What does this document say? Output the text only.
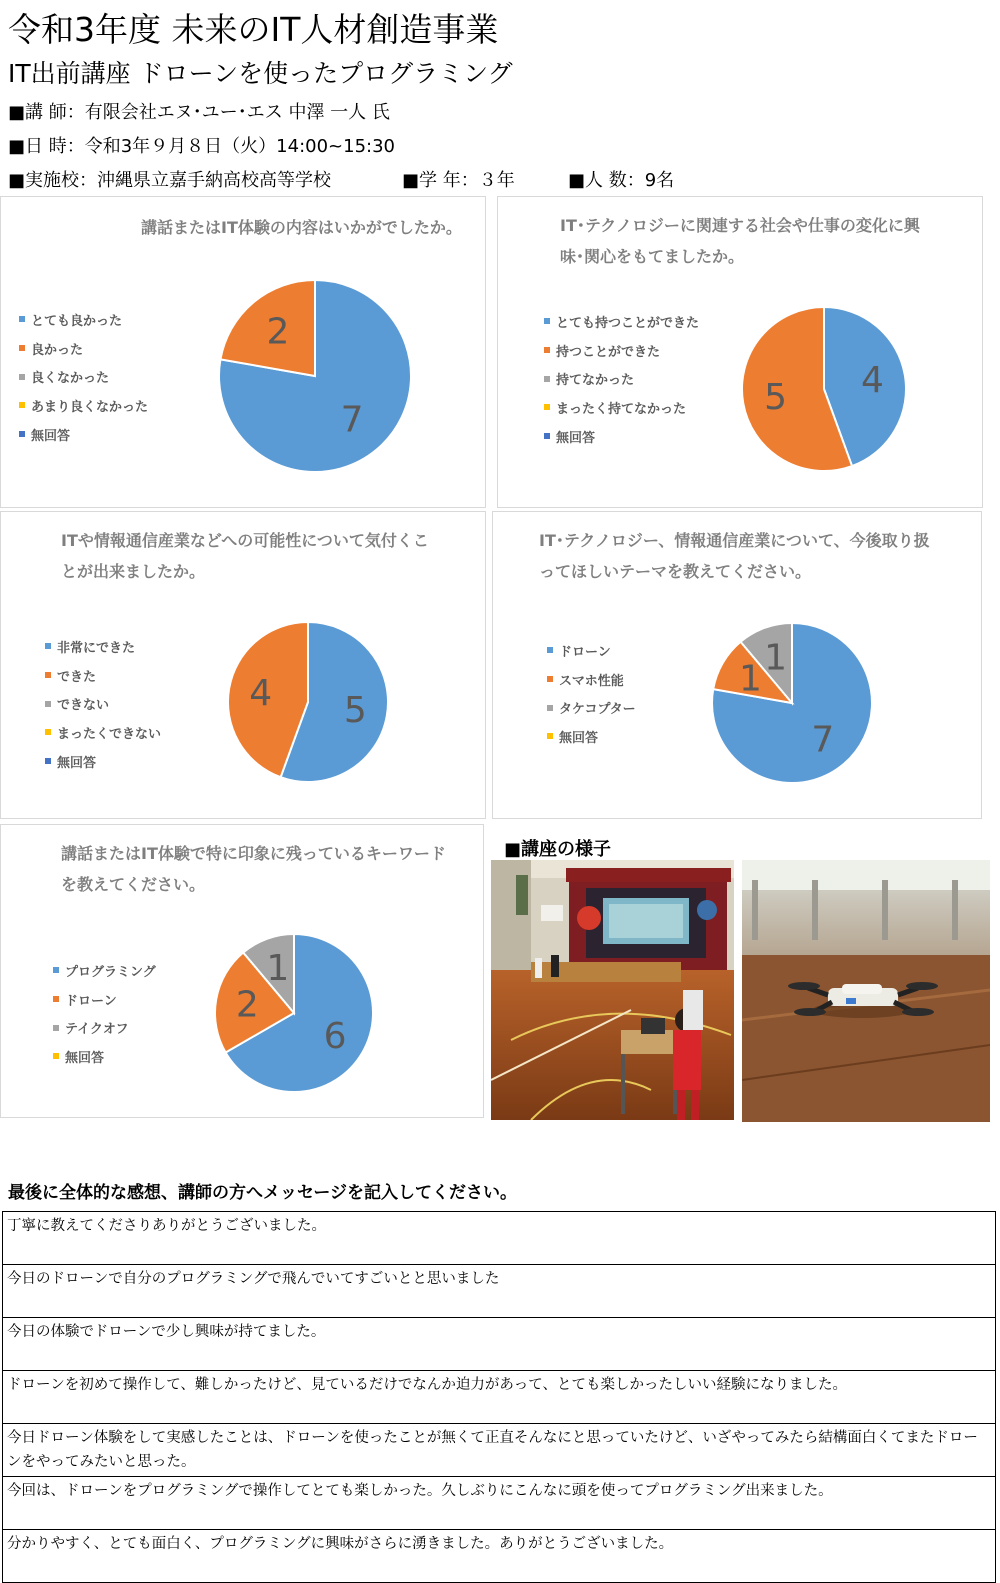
令和3年度 未来のIT人材創造事業
IT出前講座 ドローンを使ったプログラミング
■講 師：有限会社エヌ･ユー･エス 中澤 一人 氏
■日 時：令和3年９月８日（火）14:00~15:30
■実施校：沖縄県立嘉手納高校高等学校	■学 年：３年	■人 数：9名
講話またはIT体験の内容はいかがでしたか。
とても良かった
良かった
良くなかった
あまり良くなかった
無回答	7
2
IT･テクノロジーに関連する社会や仕事の変化に興味･関心をもてましたか。
とても持つことができた
持つことができた
持てなかった
まったく持てなかった
無回答
4
5
ITや情報通信産業などへの可能性について気付くことが出来ましたか。
非常にできた
できた
できない
まったくできない
無回答
5
4
IT･テクノロジー、情報通信産業について、今後取り扱ってほしいテーマを教えてください。
ドローン
スマホ性能
タケコプター
無回答	7
1
1
講話またはIT体験で特に印象に残っているキーワードを教えてください。
プログラミング
ドローン
テイクオフ
無回答
6
2
1
■講座の様子
最後に全体的な感想、講師の方へメッセージを記入してください。
丁寧に教えてくださりありがとうございました。
今日のドローンで自分のプログラミングで飛んでいてすごいとと思いました
今日の体験でドローンで少し興味が持てました。
ドローンを初めて操作して、難しかったけど、見ているだけでなんか迫力があって、とても楽しかったしいい経験になりました。
今日ドローン体験をして実感したことは、ドローンを使ったことが無くて正直そんなにと思っていたけど、いざやってみたら結構面白くてまたドローンをやってみたいと思った。
今回は、ドローンをプログラミングで操作してとても楽しかった。久しぶりにこんなに頭を使ってプログラミング出来ました。
分かりやすく、とても面白く、プログラミングに興味がさらに湧きました。ありがとうございました。
